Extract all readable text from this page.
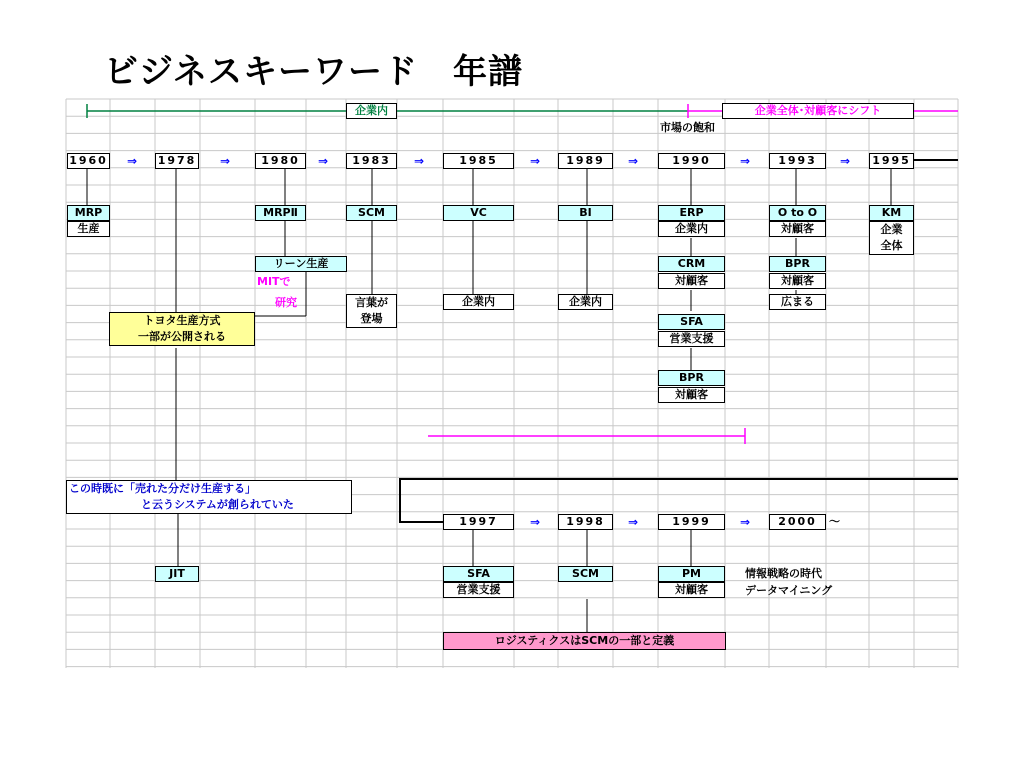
ビジネスキーワード　年譜
企業内	企業全体･対顧客にシフト
市場の飽和
1960 ⇒ 1978 ⇒	1980	⇒	1983	⇒	1985	⇒	1989	⇒	1990	⇒	1993	⇒ 1995
MRP
生産
MRPⅡ
リーン生産
MITで
研究
トヨタ生産方式
一部が公開される
SCM
言葉が
登場
VC
企業内
BI
企業内
ERP
企業内
CRM
対顧客
SFA
営業支援
BPR
対顧客
O to O
対顧客
BPR
対顧客
広まる
KM
企業
全体
この時既に「売れた分だけ生産する」
と云うシステムが創られていた
JIT
1997	⇒	1998	⇒	1999	⇒	2000	～
SFA
営業支援
SCM	PM
対顧客
情報戦略の時代
データマイニング
ロジスティクスはSCMの一部と定義
